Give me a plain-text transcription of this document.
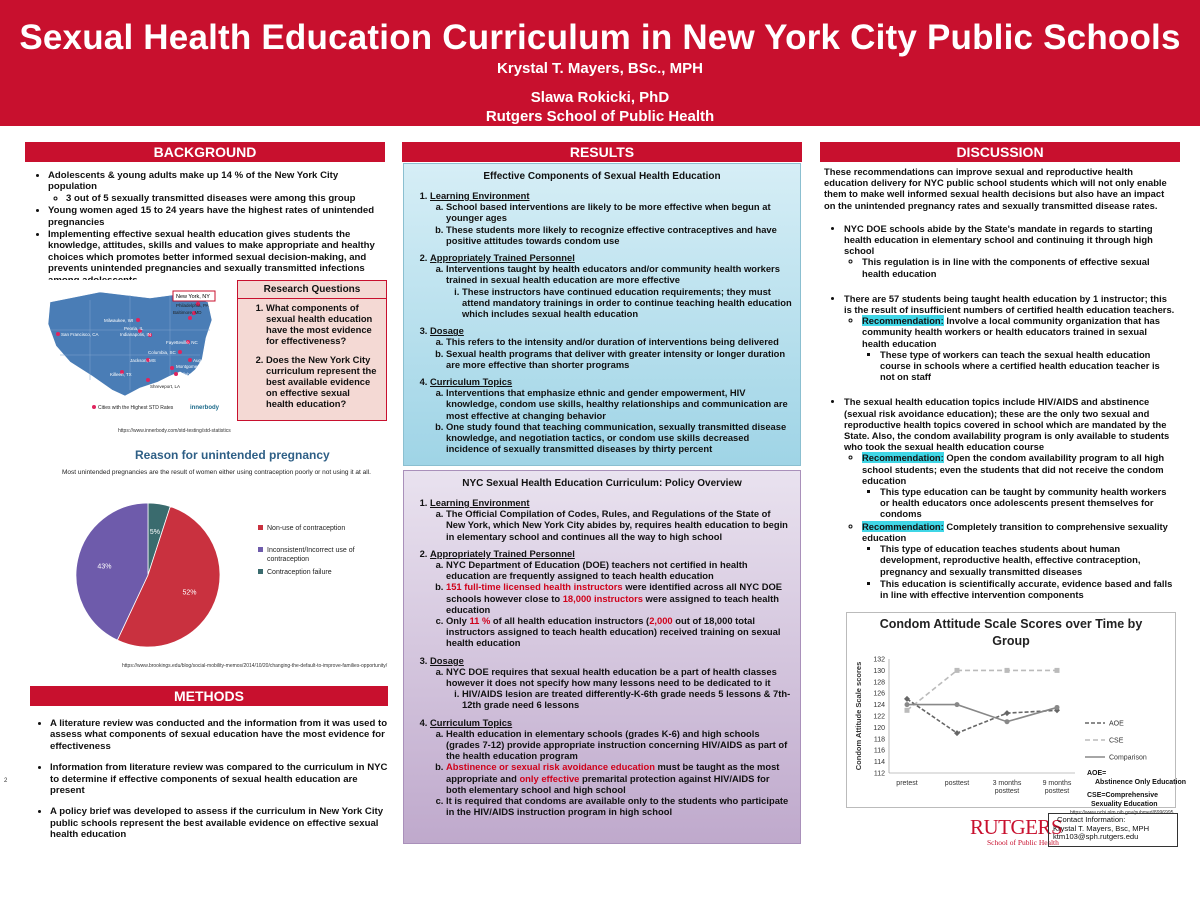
Sexual Health Education Curriculum in New York City Public Schools
Krystal T. Mayers, BSc., MPH
Slawa Rokicki, PhD
Rutgers School of Public Health
BACKGROUND
• Adolescents & young adults make up 14 % of the New York City population
◦ 3 out of 5 sexually transmitted diseases were among this group
• Young women aged 15 to 24 years have the highest rates of unintended pregnancies
• Implementing effective sexual health education gives students the knowledge, attitudes, skills and values to make appropriate and healthy choices which promotes better informed sexual decision-making, and prevents unintended pregnancies and sexually transmitted infections
New York, NY
Philadelphia, PA
Baltimore, MD
San Francisco, CA
Milwaukee, WI
Peoria, IL
Indianapolis, IN
Fayetteville, NC
Columbia, SC
Jackson, MS	Augusta, GA
Montgomery, AL
Tallahassee, FL
Killeen, TX
Shreveport, LA
Cities with the Highest STD Rates	innerbody
https://www.innerbody.com/std-testing/std-statistics
Research Questions
1. What components of sexual health education have the most evidence for effectiveness?
2. Does the New York City curriculum represent the best available evidence on effective sexual health education?
Reason for unintended pregnancy
Most unintended pregnancies are the result of women either using contraception poorly or not using it at all.
5%
52%
43%
Non-use of contraception
Inconsistent/Incorrect use of
contraception
Contraception failure
https://www.brookings.edu/blog/social-mobility-memos/2014/10/20/changing-the-default-to-improve-families-opportunity/
METHODS
• A literature review was conducted and the information from it was used to assess what components of sexual education have the most evidence for effectiveness
• Information from literature review was compared to the curriculum in NYC to determine if effective components of sexual health education are present
• A policy brief was developed to assess if the curriculum in New York City public schools represent the best available evidence on effective sexual health education
2
RESULTS
Effective Components of Sexual Health Education
1. Learning Environment
a. School based interventions are likely to be more effective when begun at younger ages
b. These students more likely to recognize effective contraceptives and have positive attitudes towards condom use
2. Appropriately Trained Personnel
a. Interventions taught by health educators and/or community health workers trained in sexual health education are more effective
i. These instructors have continued education requirements; they must attend mandatory trainings in order to continue teaching health education which includes sexual health education
3. Dosage
a. This refers to the intensity and/or duration of interventions being delivered
b. Sexual health programs that deliver with greater intensity or longer duration are more effective than shorter programs
4. Curriculum Topics
a. Interventions that emphasize ethnic and gender empowerment, HIV knowledge, condom use skills, healthy relationships and communication are most effective at changing behavior
b. One study found that teaching communication, sexually transmitted disease knowledge, and negotiation tactics, or condom use skills decreased incidence of sexually transmitted diseases by thirty percent
NYC Sexual Health Education Curriculum: Policy Overview
1. Learning Environment
a. The Official Compilation of Codes, Rules, and Regulations of the State of New York, which New York City abides by, requires health education to begin in elementary school and continues all the way to high school
2. Appropriately Trained Personnel
a. NYC Department of Education (DOE) teachers not certified in health education are frequently assigned to teach health education
b. 151 full-time licensed health instructors were identified across all NYC DOE schools however close to 18,000 instructors were assigned to teach health education
c. Only 11 % of all health education instructors (2,000 out of 18,000 total instructors assigned to teach health education) received training on sexual health education
3. Dosage
a. NYC DOE requires that sexual health education be a part of health classes however it does not specify how many lessons need to be dedicated to it
i. HIV/AIDS lesion are treated differently-K-6th grade needs 5 lessons & 7th-12th grade need 6 lessons
4. Curriculum Topics
a. Health education in elementary schools (grades K-6) and high schools (grades 7-12) provide appropriate instruction concerning HIV/AIDS as part of the health education program
b. Abstinence or sexual risk avoidance education must be taught as the most appropriate and only effective premarital protection against HIV/AIDS for both elementary school and high school
c. It is required that condoms are available only to the students who participate in the HIV/AIDS instruction program in high school
DISCUSSION
These recommendations can improve sexual and reproductive health education delivery for NYC public school students which will not only enable them to make well informed sexual health decisions but also have an impact on the unintended pregnancy rates and sexually transmitted disease rates.
• NYC DOE schools abide by the State's mandate in regards to starting health education in elementary school and continuing it through high school
◦ This regulation is in line with the components of effective sexual health education
• There are 57 students being taught health education by 1 instructor; this is the result of insufficient numbers of certified health education teachers.
◦ Recommendation: Involve a local community organization that has community health workers or health educators trained in sexual health education
▪ These type of workers can teach the sexual health education course in schools where a certified health education teacher is not on staff
• The sexual health education topics include HIV/AIDS and abstinence (sexual risk avoidance education); these are the only two sexual and reproductive health topics covered in school which are mandated by the State. Also, the condom availability program is only available to students who took the sexual health education course
◦ Recommendation: Open the condom availability program to all high school students; even the students that did not receive the condom education
▪ This type education can be taught by community health workers or health educators once adolescents present themselves for condoms
◦ Recommendation: Completely transition to comprehensive sexuality education
▪ This type of education teaches students about human development, reproductive health, effective contraception, pregnancy and sexually transmitted diseases
▪ This education is scientifically accurate, evidence based and falls in line with effective intervention components
Condom Attitude Scale Scores over Time by Group
112
114
116
118
120
122
124
126
128
130
132
Condom Attitude Scale scores
pretest	posttest	3 months
posttest
9 months
posttest
AOE
CSE
Comparison
AOE=
Abstinence Only Education
CSE=Comprehensive
Sexuality Education
https://www.ncbi.nlm.nih.gov/pubmed/8996995
RUTGERS
School of Public Health
Contact Information:
Krystal T. Mayers, Bsc, MPH
ktm103@sph.rutgers.edu
